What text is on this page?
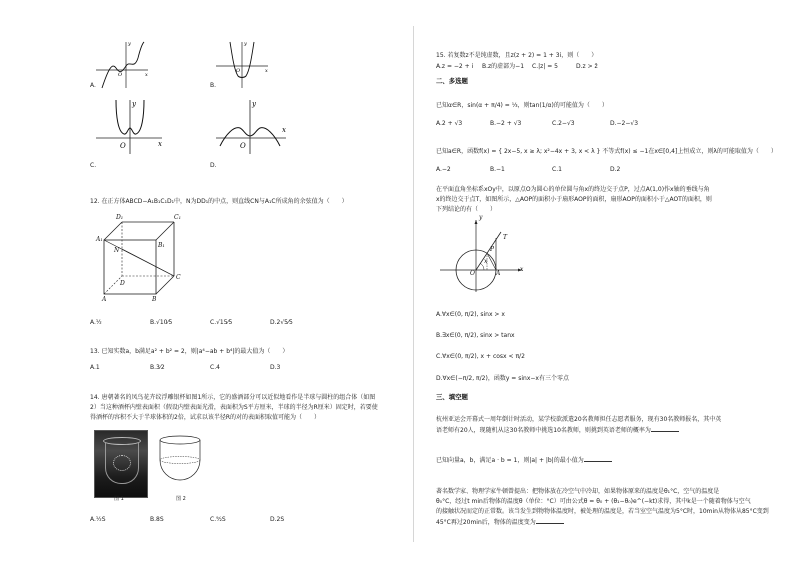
y
x
O
A.
y
x
O
B.
y
x
O
C.
y
x
O
D.
12. 在正方体ABCD−A₁B₁C₁D₁中，N为DD₁的中点，则直线CN与A₁C所成角的余弦值为（　　）
D₁	C₁
A₁
B₁
N
D
C
A	B
A.½	B.√10⁄5	C.√15⁄5	D.2√5⁄5
13. 已知实数a，b满足a² + b² = 2，则|a⁴−ab + b⁴|的最大值为（　　）
A.1	B.3⁄2	C.4	D.3
14. 唐朝著名的凤鸟花卉纹浮雕银杯如图1所示，它的盛酒部分可以近似地看作是半球与圆柱的组合体（如图
2）当这种酒杯内壁表面积（假设内壁表面光滑，表面积为S平方厘米，半球的半径为R厘米）固定时，若要使
得酒杯的容积不大于半球体积的2倍，试求以该半径R的对的表面积取值可能为（　　）
图 1	图 2
A.½S	B.8S	C.⁹⁄₂S	D.2S
15. 若复数z不是纯虚数，且z(z + 2) = 1 + 3i，则（　　）
A.z = −2 + i B.z的虚部为−1 C.|z| = 5	D.z > z̄
二、多选题
已知α∈R，sin(α + π/4) = ⅓，则tan(1/α)的可能值为（　　）
A.2 + √3	B.−2 + √3	C.2−√3	D.−2−√3
已知a∈R，函数f(x) = { 2x−5, x ≥ λ; x²−4x + 3, x < λ } 不等式f(x) ≤ −1在x∈[0,4]上恒成立，则λ的可能取值为（　　）
A.−2	B.−1	C.1	D.2
在平面直角坐标系xOy中，以原点O为圆心的单位圆与角x的终边交于点P，过点A(1,0)作x轴的垂线与角
x的终边交于点T，如图所示，△AOP的面积小于扇形AOP的面积，扇形AOP的面积小于△AOT的面积，则
下列结论的有（　　）
y
T
P
x
O	A
x
A.∀x∈(0, π/2), sinx > x
B.∃x∈(0, π/2), sinx > tanx
C.∀x∈(0, π/2), x + cosx < π/2
D.∀x∈(−π/2, π/2)，函数y = sinx−x有三个零点
三、填空题
杭州亚运会开幕式一周年倒计时活动，某学校欲派遣20名教师担任志愿者服务，现有30名教师报名，其中英
语老师有20人，现随机从这30名教师中挑选10名教师，则挑到英语老师的概率为
已知向量a，b，满足a · b = 1，则|a| + |b|的最小值为
著名数学家、物理学家牛顿曾提出：把物体放在冷空气中冷却，如果物体原来的温度是θ₁°C，空气的温度是
θ₀°C，经过t min后物体的温度θ（单位：°C）可由公式θ = θ₀ + (θ₁−θ₀)e^(−kt)求得，其中k是一个随着物体与空气
的接触状况而定的正常数。该当发生到物物体温度时，被处理的温度是，若当室空气温度为5°C时，10min从物体从85°C变到
45°C再过20min后，物体的温度变为
